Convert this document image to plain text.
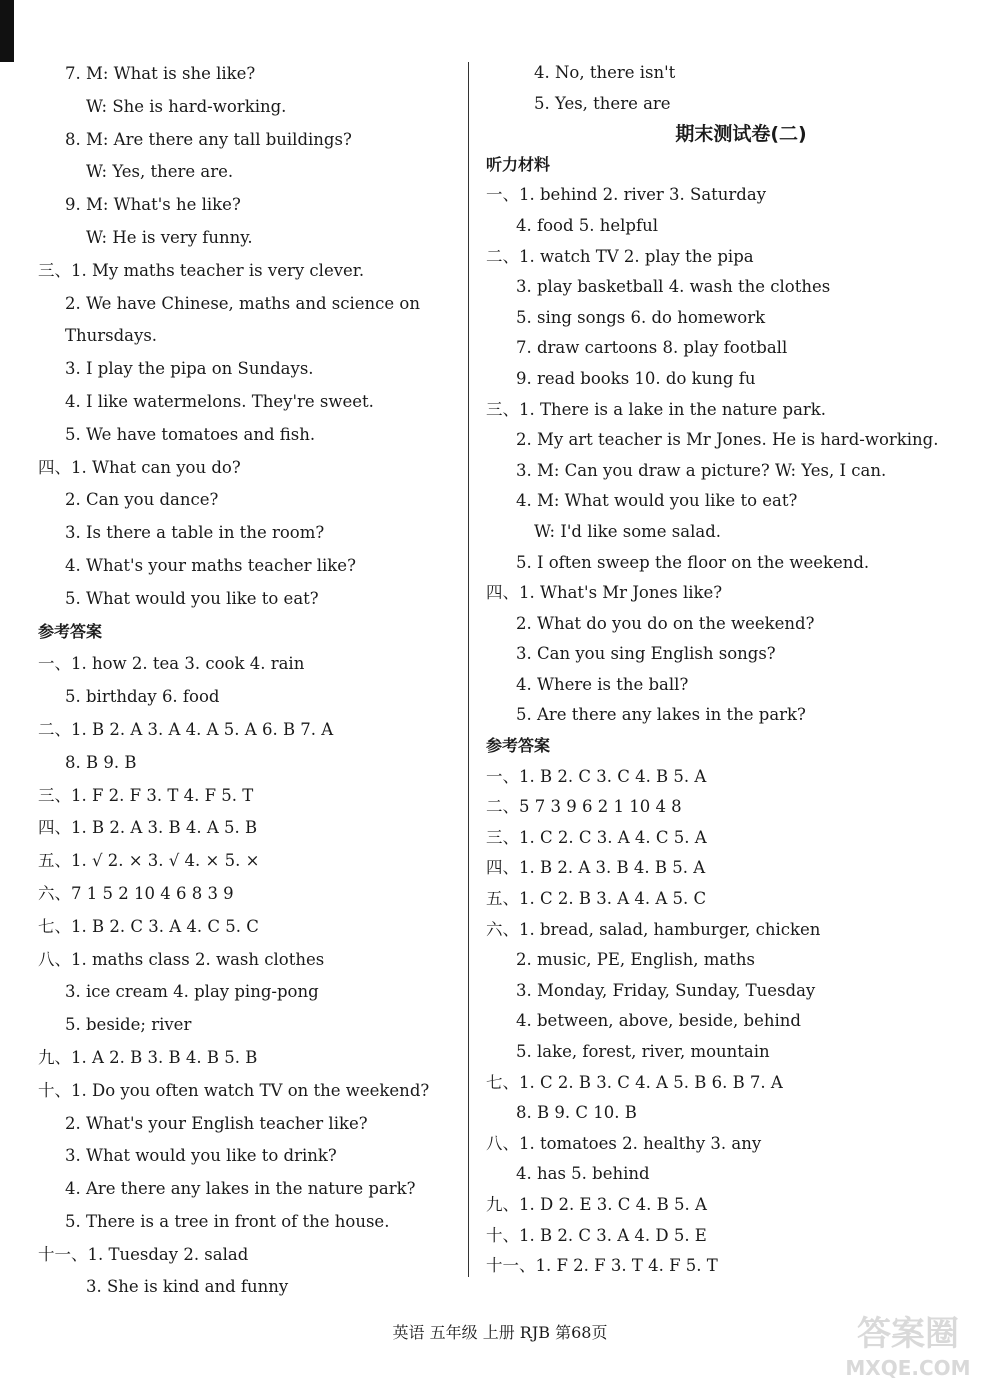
7. M: What is she like?
W: She is hard-working.
8. M: Are there any tall buildings?
W: Yes, there are.
9. M: What's he like?
W: He is very funny.
三、1. My maths teacher is very clever.
2. We have Chinese, maths and science on Thursdays.
3. I play the pipa on Sundays.
4. I like watermelons. They're sweet.
5. We have tomatoes and fish.
四、1. What can you do?
2. Can you dance?
3. Is there a table in the room?
4. What's your maths teacher like?
5. What would you like to eat?
参考答案
一、1. how 2. tea 3. cook 4. rain
5. birthday 6. food
二、1. B 2. A 3. A 4. A 5. A 6. B 7. A
8. B 9. B
三、1. F 2. F 3. T 4. F 5. T
四、1. B 2. A 3. B 4. A 5. B
五、1. √ 2. × 3. √ 4. × 5. ×
六、7 1 5 2 10 4 6 8 3 9
七、1. B 2. C 3. A 4. C 5. C
八、1. maths class 2. wash clothes
3. ice cream 4. play ping-pong
5. beside; river
九、1. A 2. B 3. B 4. B 5. B
十、1. Do you often watch TV on the weekend?
2. What's your English teacher like?
3. What would you like to drink?
4. Are there any lakes in the nature park?
5. There is a tree in front of the house.
十一、1. Tuesday 2. salad
3. She is kind and funny
4. No, there isn't
5. Yes, there are
期末测试卷(二)
听力材料
一、1. behind 2. river 3. Saturday
4. food 5. helpful
二、1. watch TV 2. play the pipa
3. play basketball 4. wash the clothes
5. sing songs 6. do homework
7. draw cartoons 8. play football
9. read books 10. do kung fu
三、1. There is a lake in the nature park.
2. My art teacher is Mr Jones. He is hard-working.
3. M: Can you draw a picture? W: Yes, I can.
4. M: What would you like to eat?
W: I'd like some salad.
5. I often sweep the floor on the weekend.
四、1. What's Mr Jones like?
2. What do you do on the weekend?
3. Can you sing English songs?
4. Where is the ball?
5. Are there any lakes in the park?
参考答案
一、1. B 2. C 3. C 4. B 5. A
二、5 7 3 9 6 2 1 10 4 8
三、1. C 2. C 3. A 4. C 5. A
四、1. B 2. A 3. B 4. B 5. A
五、1. C 2. B 3. A 4. A 5. C
六、1. bread, salad, hamburger, chicken
2. music, PE, English, maths
3. Monday, Friday, Sunday, Tuesday
4. between, above, beside, behind
5. lake, forest, river, mountain
七、1. C 2. B 3. C 4. A 5. B 6. B 7. A
8. B 9. C 10. B
八、1. tomatoes 2. healthy 3. any
4. has 5. behind
九、1. D 2. E 3. C 4. B 5. A
十、1. B 2. C 3. A 4. D 5. E
十一、1. F 2. F 3. T 4. F 5. T
英语 五年级 上册 RJB 第68页	答案圈
MXQE.COM
